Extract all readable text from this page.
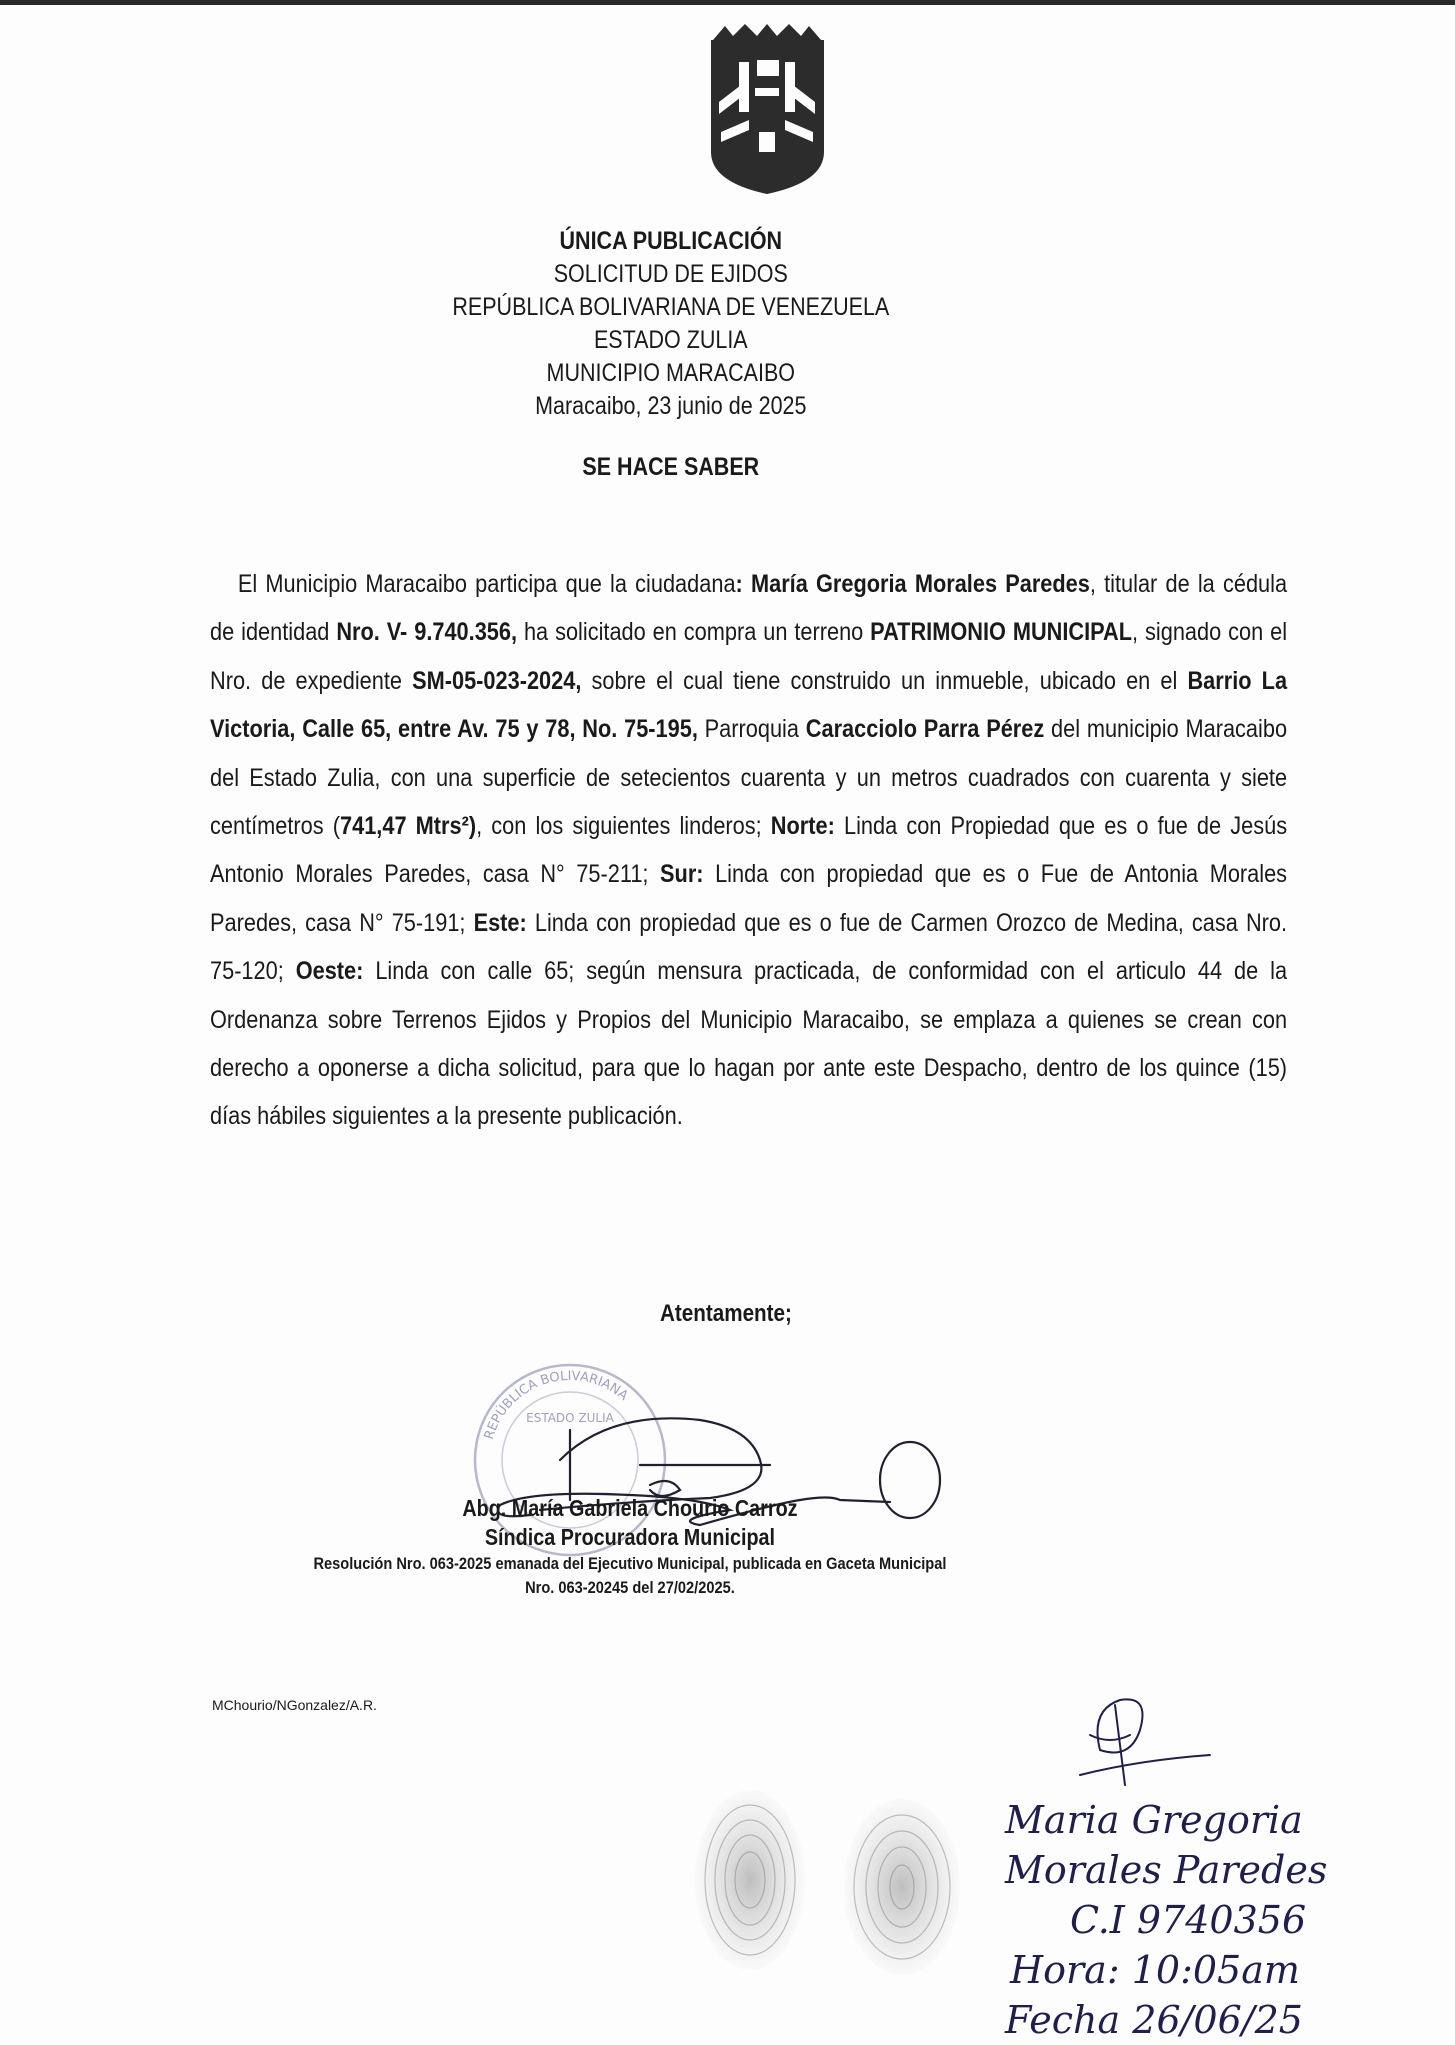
ÚNICA PUBLICACIÓN
SOLICITUD DE EJIDOS
REPÚBLICA BOLIVARIANA DE VENEZUELA
ESTADO ZULIA
MUNICIPIO MARACAIBO
Maracaibo, 23 junio de 2025
SE HACE SABER

El Municipio Maracaibo participa que la ciudadana: María Gregoria Morales Paredes, titular de la cédula de identidad Nro. V- 9.740.356, ha solicitado en compra un terreno PATRIMONIO MUNICIPAL, signado con el Nro. de expediente SM-05-023-2024, sobre el cual tiene construido un inmueble, ubicado en el Barrio La Victoria, Calle 65, entre Av. 75 y 78, No. 75-195, Parroquia Caracciolo Parra Pérez del municipio Maracaibo del Estado Zulia, con una superficie de setecientos cuarenta y un metros cuadrados con cuarenta y siete centímetros (741,47 Mtrs²), con los siguientes linderos; Norte: Linda con Propiedad que es o fue de Jesús Antonio Morales Paredes, casa N° 75-211; Sur: Linda con propiedad que es o Fue de Antonia Morales Paredes, casa N° 75-191; Este: Linda con propiedad que es o fue de Carmen Orozco de Medina, casa Nro. 75-120; Oeste: Linda con calle 65; según mensura practicada, de conformidad con el articulo 44 de la Ordenanza sobre Terrenos Ejidos y Propios del Municipio Maracaibo, se emplaza a quienes se crean con derecho a oponerse a dicha solicitud, para que lo hagan por ante este Despacho, dentro de los quince (15) días hábiles siguientes a la presente publicación.

Atentamente;
REPÚBLICA BOLIVARIANA
ESTADO ZULIA
Abg. María Gabriela Chourio Carroz
Síndica Procuradora Municipal
Resolución Nro. 063-2025 emanada del Ejecutivo Municipal, publicada en Gaceta Municipal
Nro. 063-20245 del 27/02/2025.
MChourio/NGonzalez/A.R.
Maria Gregoria Morales Paredes
C.I 9740356
Hora: 10:05am
Fecha 26/06/25
